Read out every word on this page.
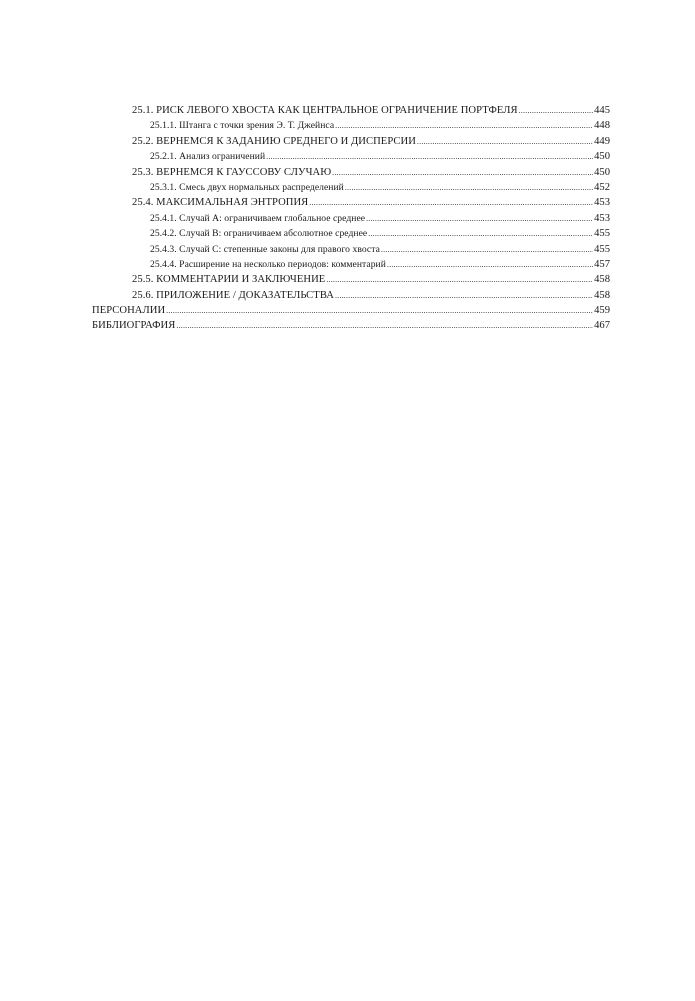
25.1. РИСК ЛЕВОГО ХВОСТА КАК ЦЕНТРАЛЬНОЕ ОГРАНИЧЕНИЕ ПОРТФЕЛЯ .....	445
25.1.1. Штанга с точки зрения Э. Т. Джейнса .....	448
25.2. ВЕРНЕМСЯ К ЗАДАНИЮ СРЕДНЕГО И ДИСПЕРСИИ .....	449
25.2.1. Анализ ограничений .....	450
25.3. ВЕРНЕМСЯ К ГАУССОВУ СЛУЧАЮ .....	450
25.3.1. Смесь двух нормальных распределений .....	452
25.4. МАКСИМАЛЬНАЯ ЭНТРОПИЯ .....	453
25.4.1. Случай A: ограничиваем глобальное среднее .....	453
25.4.2. Случай B: ограничиваем абсолютное среднее .....	455
25.4.3. Случай C: степенные законы для правого хвоста .....	455
25.4.4. Расширение на несколько периодов: комментарий .....	457
25.5. КОММЕНТАРИИ И ЗАКЛЮЧЕНИЕ .....	458
25.6. ПРИЛОЖЕНИЕ / ДОКАЗАТЕЛЬСТВА .....	458
ПЕРСОНАЛИИ .....	459
БИБЛИОГРАФИЯ .....	467
